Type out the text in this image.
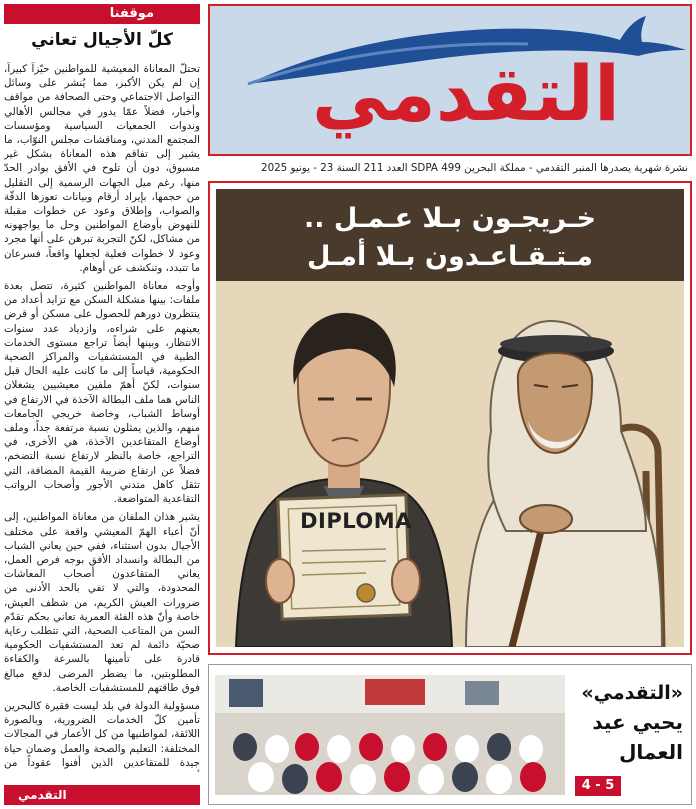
موقفنا
كلّ الأجيال تعاني

تحتلّ المعاناة المعيشية للمواطنين حيّزاً كبيراً، إن لم يكن الأكبر، مما يُنشر على وسائل التواصل الاجتماعي وحتى الصحافة من مواقف وأخبار، فضلاً عمّا يدور في مجالس الأهالي وندوات الجمعيات السياسية ومؤسسات المجتمع المدني، ومناقشات مجلس النوّاب، ما يشير إلى تفاقم هذه المعاناة بشكل غير مسبوق، دون أن تلوح في الأفق بوادر الحدّ منها، رغم ميل الجهات الرسمية إلى التقليل من حجمها، بإيراد أرقام وبيانات تعوزها الدقّة والصواب، وإطلاق وعود عن خطوات مقبلة للنهوض بأوضاع المواطنين وحل ما يواجهونه من مشاكل، لكنّ التجربة تبرهن على أنها مجرد وعود لا خطوات فعلية لجعلها واقعاً، فسرعان ما تتبدد، وتنكشف عن أوهام.

وأوجه معاناة المواطنين كثيرة، تتصل بعدة ملفات: بينها مشكلة السكن مع تزايد أعداد من ينتظرون دورهم للحصول على مسكن أو قرض يعينهم على شراءه، وازدياد عدد سنوات الانتظار، وبينها أيضاً تراجع مستوى الخدمات الطبية في المستشفيات والمراكز الصحية الحكومية، قياساً إلى ما كانت عليه الحال قبل سنوات، لكنّ أهمّ ملفين معيشيين يشغلان الناس هما ملف البطالة الآخذة في الارتفاع في أوساط الشباب، وخاصة خريجي الجامعات منهم، والذين يمثلون نسبة مرتفعة جداً، وملف أوضاع المتقاعدين الآخذة، هي الأخرى، في التراجع، خاصة بالنظر لارتفاع نسبة التضخم، فضلاً عن ارتفاع ضريبة القيمة المضافة، التي تثقل كاهل متدني الأجور وأصحاب الرواتب التقاعدية المتواضعة.

يشير هذان الملفان من معاناة المواطنين، إلى أنّ أعباء الهمّ المعيشي واقعة على مختلف الأجيال بدون استثناء، ففي حين يعاني الشباب من البطالة وانسداد الأفق بوجه فرص العمل، يعاني المتقاعدون أصحاب المعاشات المحدودة، والتي لا تفي بالحد الأدنى من ضرورات العيش الكريم، من شظف العيش، خاصة وأنّ هذه الفئة العمرية تعاني بحكم تقدّم السن من المتاعب الصحية، التي تتطلب رعاية صحيّة دائمة لم تعد المستشفيات الحكومية قادرة على تأمينها بالسرعة والكفاءة المطلوبتين، ما يضطر المرضى لدفع مبالغ فوق طاقتهم للمستشفيات الخاصة.

مسؤولية الدولة في بلد ليست فقيرة كالبحرين تأمين كلّ الخدمات الضرورية، وبالصورة اللائقة، لمواطنيها من كل الأعمار في المجالات المختلفة: التعليم والصحة والعمل وضمان حياة جيدة للمتقاعدين الذين أفنوا عقوداً من

التقدمي
التقدمي
نشرة شهرية يصدرها المنبر التقدمي - مملكة البحرين SDPA 499 العدد 211 السنة 23 - يونيو 2025
خـريجـون بـلا عـمـل ..
مـتـقـاعـدون بـلا أمـل
DIPLOMA
«التقدمي»
يحيي عيد
العمال
4 - 5
